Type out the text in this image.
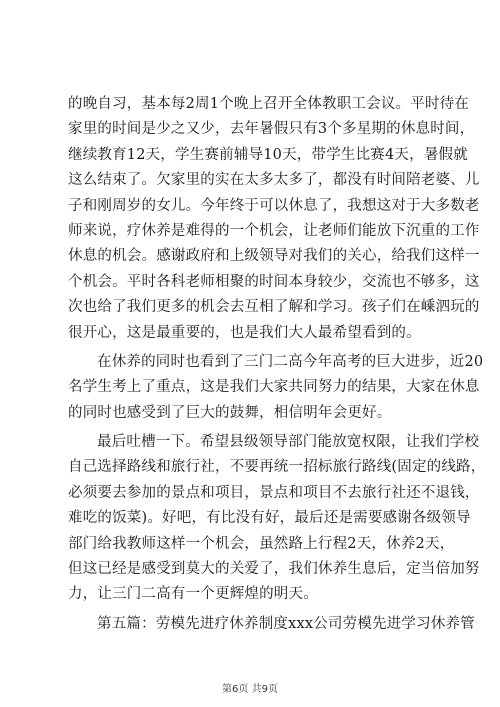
的晚自习，基本每2周1个晚上召开全体教职工会议。平时待在
家里的时间是少之又少，去年暑假只有3个多星期的休息时间，
继续教育12天，学生赛前辅导10天，带学生比赛4天，暑假就
这么结束了。欠家里的实在太多太多了，都没有时间陪老婆、儿
子和刚周岁的女儿。今年终于可以休息了，我想这对于大多数老
师来说，疗休养是难得的一个机会，让老师们能放下沉重的工作
休息的机会。感谢政府和上级领导对我们的关心，给我们这样一
个机会。平时各科老师相聚的时间本身较少，交流也不够多，这
次也给了我们更多的机会去互相了解和学习。孩子们在嵊泗玩的
很开心，这是最重要的，也是我们大人最希望看到的。
在休养的同时也看到了三门二高今年高考的巨大进步，近20
名学生考上了重点，这是我们大家共同努力的结果，大家在休息
的同时也感受到了巨大的鼓舞，相信明年会更好。
最后吐槽一下。希望县级领导部门能放宽权限，让我们学校
自己选择路线和旅行社，不要再统一招标旅行路线(固定的线路，
必须要去参加的景点和项目，景点和项目不去旅行社还不退钱，
难吃的饭菜)。好吧，有比没有好，最后还是需要感谢各级领导
部门给我教师这样一个机会，虽然路上行程2天，休养2天，
但这已经是感受到莫大的关爱了，我们休养生息后，定当倍加努
力，让三门二高有一个更辉煌的明天。
第五篇：劳模先进疗休养制度xxx公司劳模先进学习休养管
第6页 共9页
